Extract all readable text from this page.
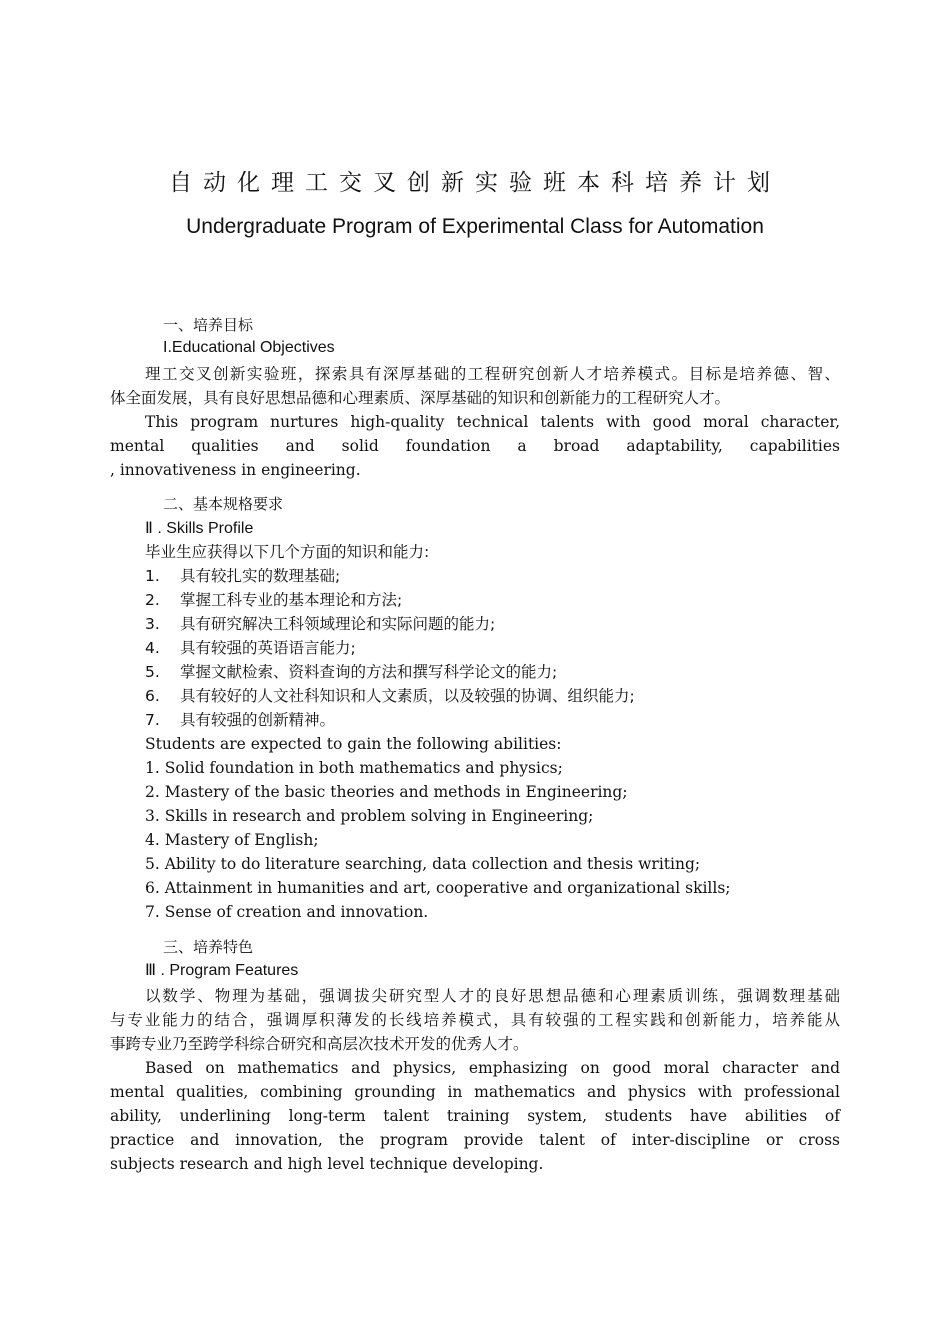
自动化理工交叉创新实验班本科培养计划
Undergraduate Program of Experimental Class for Automation
一、培养目标
I.Educational Objectives
理工交叉创新实验班，探索具有深厚基础的工程研究创新人才培养模式。目标是培养德、智、
体全面发展，具有良好思想品德和心理素质、深厚基础的知识和创新能力的工程研究人才。
This program nurtures high-quality technical talents with good moral character,
mental qualities and solid foundation a broad adaptability, capabilities
, innovativeness in engineering.
二、基本规格要求
Ⅱ . Skills Profile
毕业生应获得以下几个方面的知识和能力:
1.	具有较扎实的数理基础;
2.	掌握工科专业的基本理论和方法;
3.	具有研究解决工科领域理论和实际问题的能力;
4.	具有较强的英语语言能力;
5.	掌握文献检索、资料查询的方法和撰写科学论文的能力;
6.	具有较好的人文社科知识和人文素质，以及较强的协调、组织能力;
7.	具有较强的创新精神。
Students are expected to gain the following abilities:
1. Solid foundation in both mathematics and physics;
2. Mastery of the basic theories and methods in Engineering;
3. Skills in research and problem solving in Engineering;
4. Mastery of English;
5. Ability to do literature searching, data collection and thesis writing;
6. Attainment in humanities and art, cooperative and organizational skills;
7. Sense of creation and innovation.
三、培养特色
Ⅲ . Program Features
以数学、物理为基础，强调拔尖研究型人才的良好思想品德和心理素质训练，强调数理基础
与专业能力的结合，强调厚积薄发的长线培养模式，具有较强的工程实践和创新能力，培养能从
事跨专业乃至跨学科综合研究和高层次技术开发的优秀人才。
Based on mathematics and physics, emphasizing on good moral character and
mental qualities, combining grounding in mathematics and physics with professional
ability, underlining long-term talent training system, students have abilities of
practice and innovation, the program provide talent of inter-discipline or cross
subjects research and high level technique developing.
